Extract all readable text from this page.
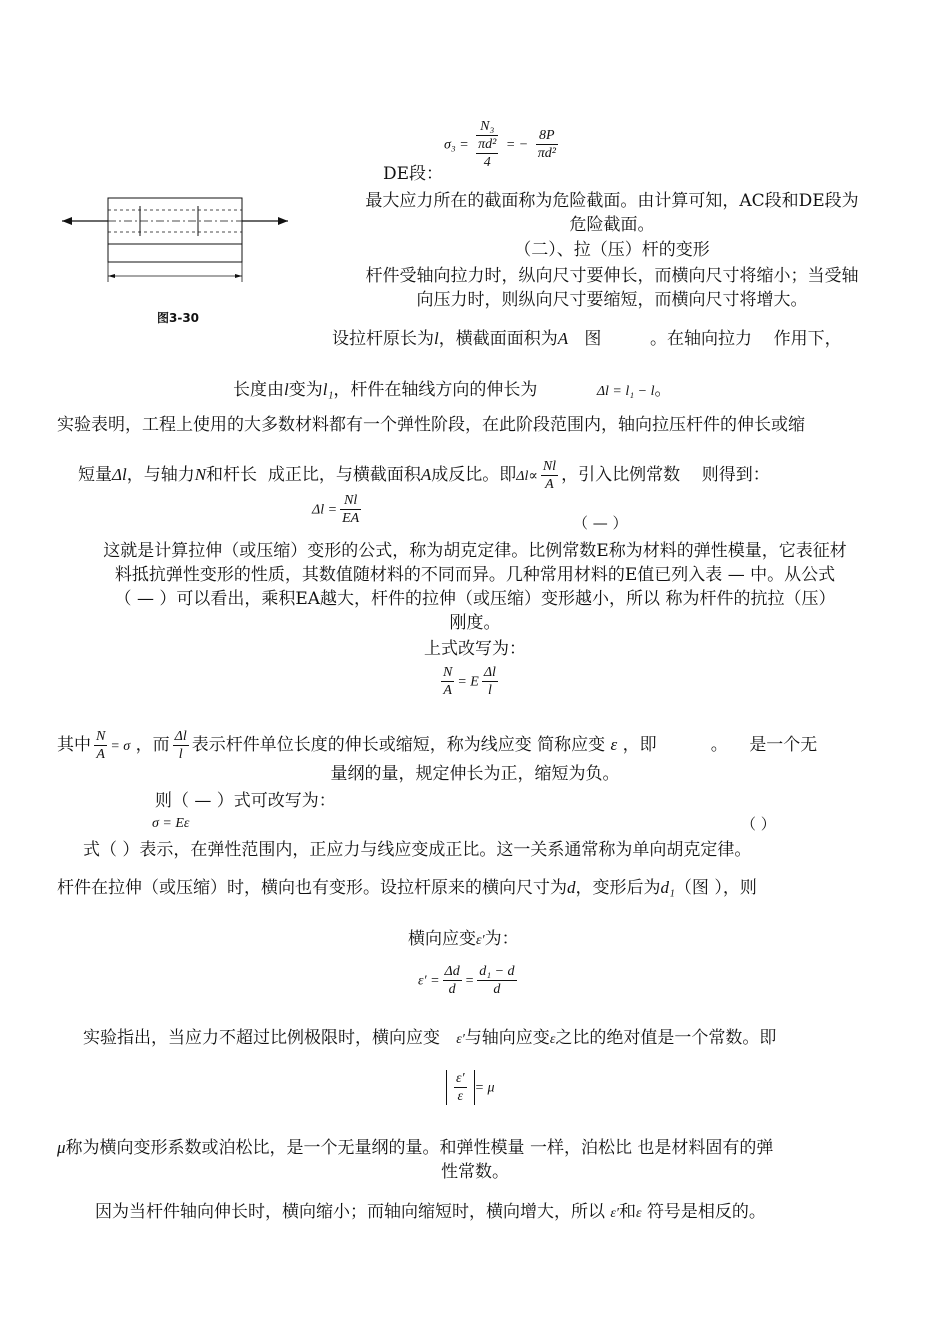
σ₃ =
N₃
πd²
4
= − $\frac{8P}{\text{πd²}}$
DE段：
图3-30
最大应力所在的截面称为危险截面。由计算可知，AC段和DE段为
危险截面。
（二）、拉（压）杆的变形
杆件受轴向拉力时，纵向尺寸要伸长，而横向尺寸将缩小；当受轴
向压力时，则纵向尺寸要缩短，而横向尺寸将增大。
设拉杆原长为l，横截面面积为A 图	。在轴向拉力 作用下，
长度由l变为l₁，杆件在轴线方向的伸长为	Δl = l₁ − l。
实验表明，工程上使用的大多数材料都有一个弹性阶段，在此阶段范围内，轴向拉压杆件的伸长或缩
短量Δl，与轴力N和杆长 成正比，与横截面积A成反比。即$\Delta l\propto \frac{Nl}{A}$ ，引入比例常数 则得到：
$\Delta l = \frac{Nl}{EA}$	（ — ）
这就是计算拉伸（或压缩）变形的公式，称为胡克定律。比例常数E称为材料的弹性模量，它表征材
料抵抗弹性变形的性质，其数值随材料的不同而异。几种常用材料的E值已列入表 — 中。从公式
（ — ）可以看出，乘积EA越大，杆件的拉伸（或压缩）变形越小，所以 称为杆件的抗拉（压）
刚度。
上式改写为：
$\frac{N}{A} = E \frac{\Delta l}{l}$
其中 $\frac{N}{A} = \sigma$ ，而 $\frac{\Delta l}{l}$ 表示杆件单位长度的伸长或缩短，称为线应变 简称应变 ε ，即	。 是一个无
量纲的量，规定伸长为正，缩短为负。
则（ — ）式可改写为：
σ = Eε	（ ）
式（ ）表示，在弹性范围内，正应力与线应变成正比。这一关系通常称为单向胡克定律。
杆件在拉伸（或压缩）时，横向也有变形。设拉杆原来的横向尺寸为d，变形后为d₁（图 ），则
横向应变ε′为：
$\varepsilon' = \frac{\Delta d}{d} = \frac{\text{d₁ − d}}{d}$
实验指出，当应力不超过比例极限时，横向应变 ε′与轴向应变ε之比的绝对值是一个常数。即
$\frac{\varepsilon'}{\varepsilon} = \mu$
μ称为横向变形系数或泊松比，是一个无量纲的量。和弹性模量 一样，泊松比 也是材料固有的弹
性常数。
因为当杆件轴向伸长时，横向缩小；而轴向缩短时，横向增大，所以 ε′和ε 符号是相反的。
